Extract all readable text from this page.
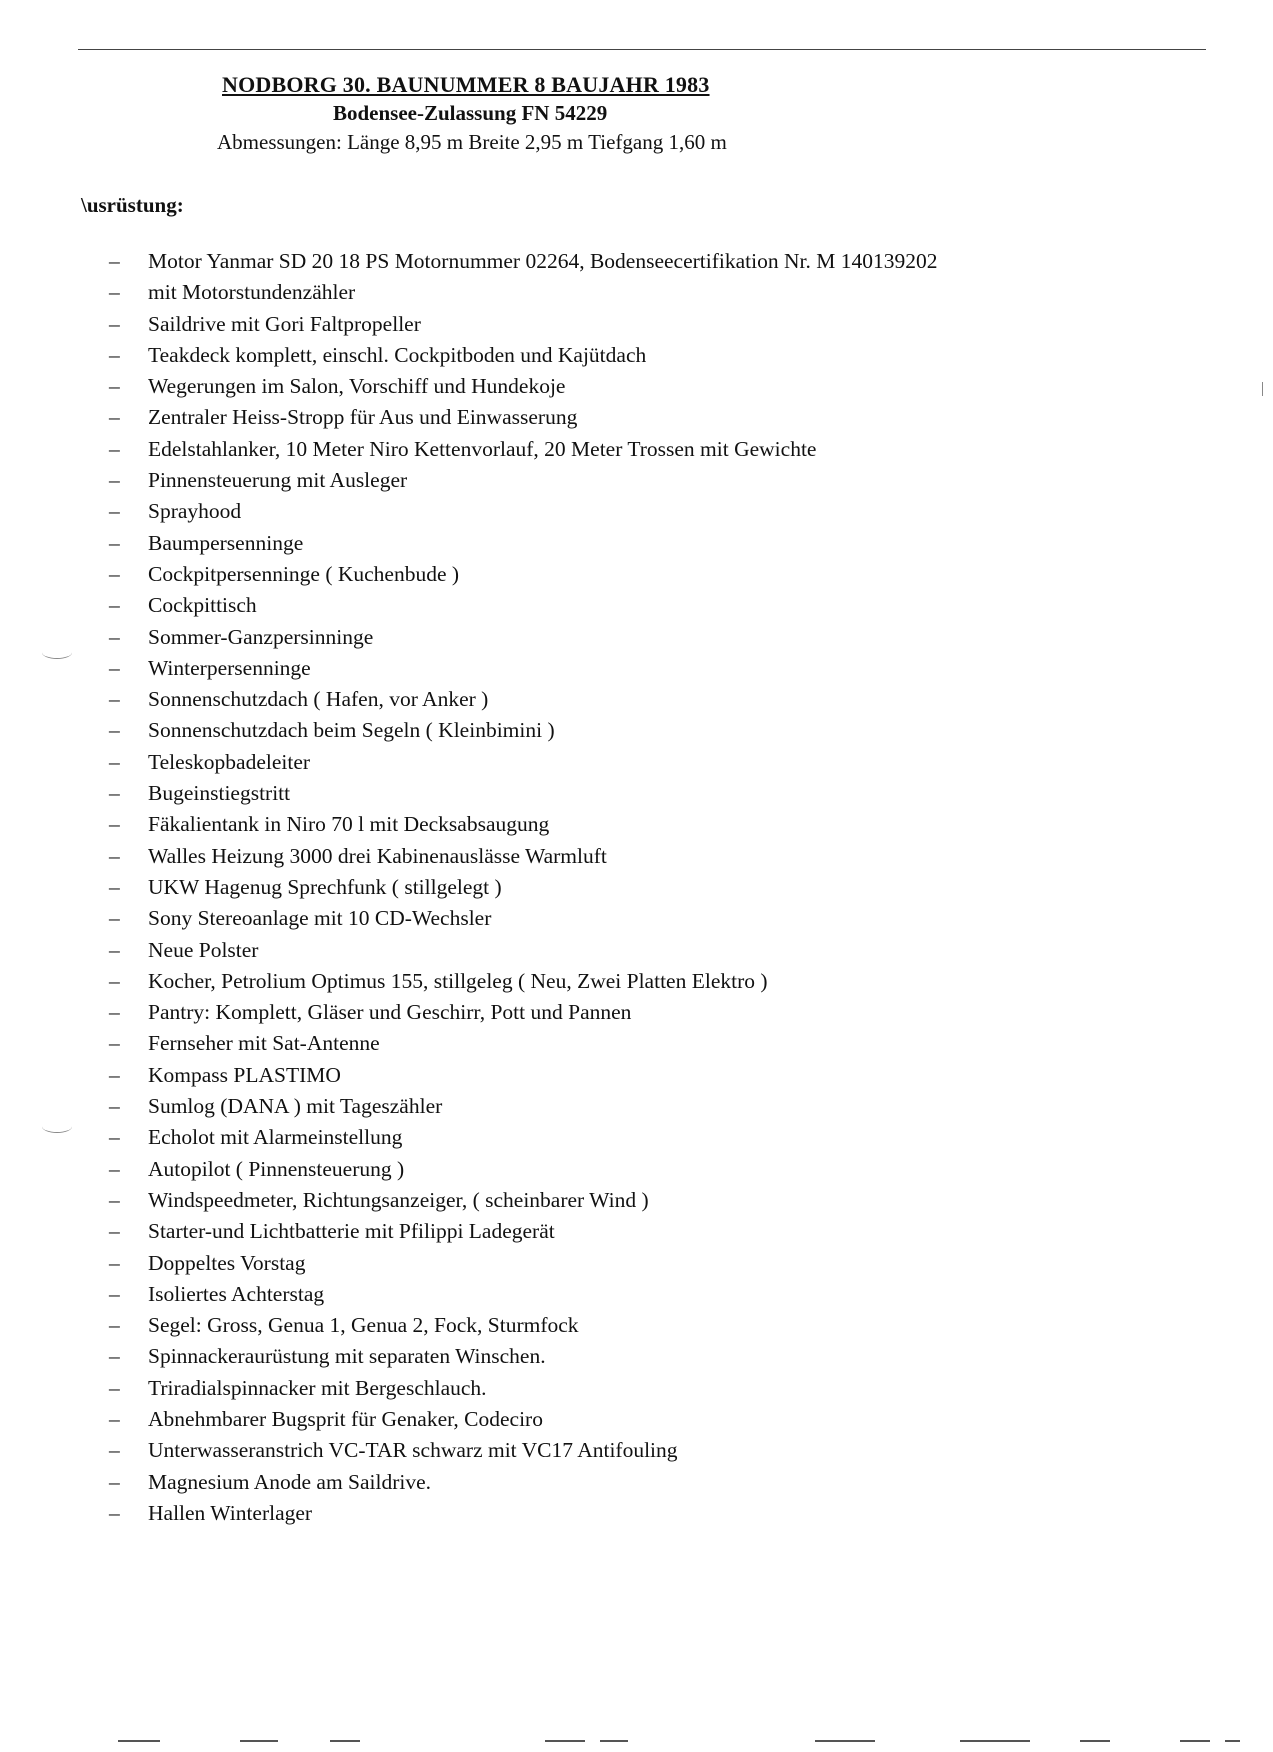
NODBORG 30. BAUNUMMER 8 BAUJAHR 1983
Bodensee-Zulassung FN 54229
Abmessungen: Länge 8,95 m Breite 2,95 m Tiefgang 1,60 m
\usrüstung:
– Motor Yanmar SD 20 18 PS Motornummer 02264, Bodenseecertifikation Nr. M 140139202
– mit Motorstundenzähler
– Saildrive mit Gori Faltpropeller
– Teakdeck komplett, einschl. Cockpitboden und Kajütdach
– Wegerungen im Salon, Vorschiff und Hundekoje
– Zentraler Heiss-Stropp für Aus und Einwasserung
– Edelstahlanker, 10 Meter Niro Kettenvorlauf, 20 Meter Trossen mit Gewichte
– Pinnensteuerung mit Ausleger
– Sprayhood
– Baumpersenninge
– Cockpitpersenninge ( Kuchenbude )
– Cockpittisch
– Sommer-Ganzpersinninge
– Winterpersenninge
– Sonnenschutzdach ( Hafen, vor Anker )
– Sonnenschutzdach beim Segeln ( Kleinbimini )
– Teleskopbadeleiter
– Bugeinstiegstritt
– Fäkalientank in Niro 70 l mit Decksabsaugung
– Walles Heizung 3000 drei Kabinenauslässe Warmluft
– UKW Hagenug Sprechfunk ( stillgelegt )
– Sony Stereoanlage mit 10 CD-Wechsler
– Neue Polster
– Kocher, Petrolium Optimus 155, stillgeleg ( Neu, Zwei Platten Elektro )
– Pantry: Komplett, Gläser und Geschirr, Pott und Pannen
– Fernseher mit Sat-Antenne
– Kompass PLASTIMO
– Sumlog (DANA ) mit Tageszähler
– Echolot mit Alarmeinstellung
– Autopilot ( Pinnensteuerung )
– Windspeedmeter, Richtungsanzeiger, ( scheinbarer Wind )
– Starter-und Lichtbatterie mit Pfilippi Ladegerät
– Doppeltes Vorstag
– Isoliertes Achterstag
– Segel: Gross, Genua 1, Genua 2, Fock, Sturmfock
– Spinnackeraurüstung mit separaten Winschen.
– Triradialspinnacker mit Bergeschlauch.
– Abnehmbarer Bugsprit für Genaker, Codeciro
– Unterwasseranstrich VC-TAR schwarz mit VC17 Antifouling
– Magnesium Anode am Saildrive.
– Hallen Winterlager
